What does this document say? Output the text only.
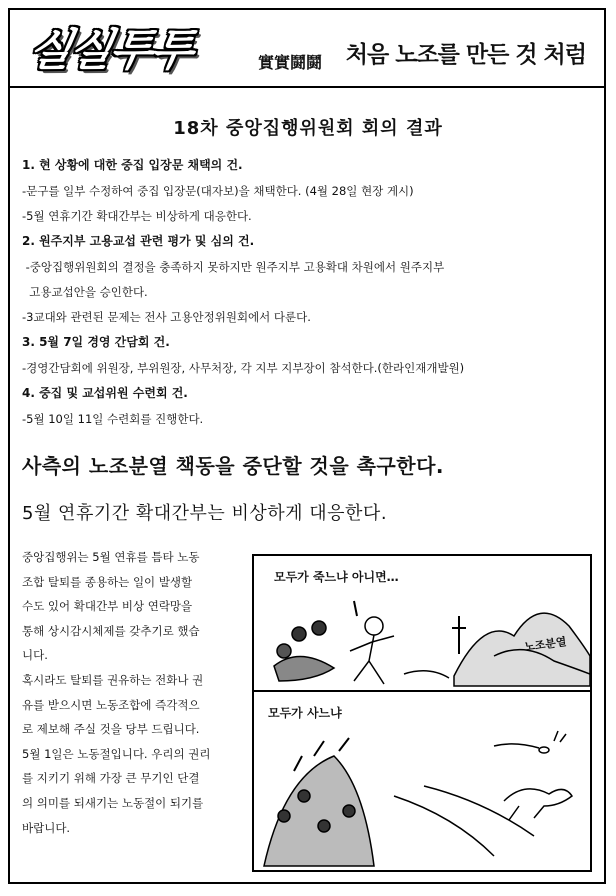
실실투투	實實鬪鬪 처음 노조를 만든 것 처럼
18차 중앙집행위원회 회의 결과
1. 현 상황에 대한 중집 입장문 채택의 건.
-문구를 일부 수정하여 중집 입장문(대자보)을 채택한다. (4월 28일 현장 게시)
-5월 연휴기간 확대간부는 비상하게 대응한다.
2. 원주지부 고용교섭 관련 평가 및 심의 건.
-중앙집행위원회의 결정을 충족하지 못하지만 원주지부 고용확대 차원에서 원주지부
고용교섭안을 승인한다.
-3교대와 관련된 문제는 전사 고용안정위원회에서 다룬다.
3. 5월 7일 경영 간담회 건.
-경영간담회에 위원장, 부위원장, 사무처장, 각 지부 지부장이 참석한다.(한라인재개발원)
4. 중집 및 교섭위원 수련회 건.
-5월 10일 11일 수련회를 진행한다.
사측의 노조분열 책동을 중단할 것을 촉구한다.
5월 연휴기간 확대간부는 비상하게 대응한다.

중앙집행위는 5월 연휴를 틈타 노동

조합 탈퇴를 종용하는 일이 발생할

수도 있어 확대간부 비상 연락망을

통해 상시감시체제를 갖추기로 했습

니다.

혹시라도 탈퇴를 권유하는 전화나 권

유를 받으시면 노동조합에 즉각적으

로 제보해 주실 것을 당부 드립니다.

5월 1일은 노동절입니다. 우리의 권리

를 지키기 위해 가장 큰 무기인 단결

의 의미를 되새기는 노동절이 되기를

바랍니다.

모두가 죽느냐 아니면…
모두가 사느냐
노조분열
